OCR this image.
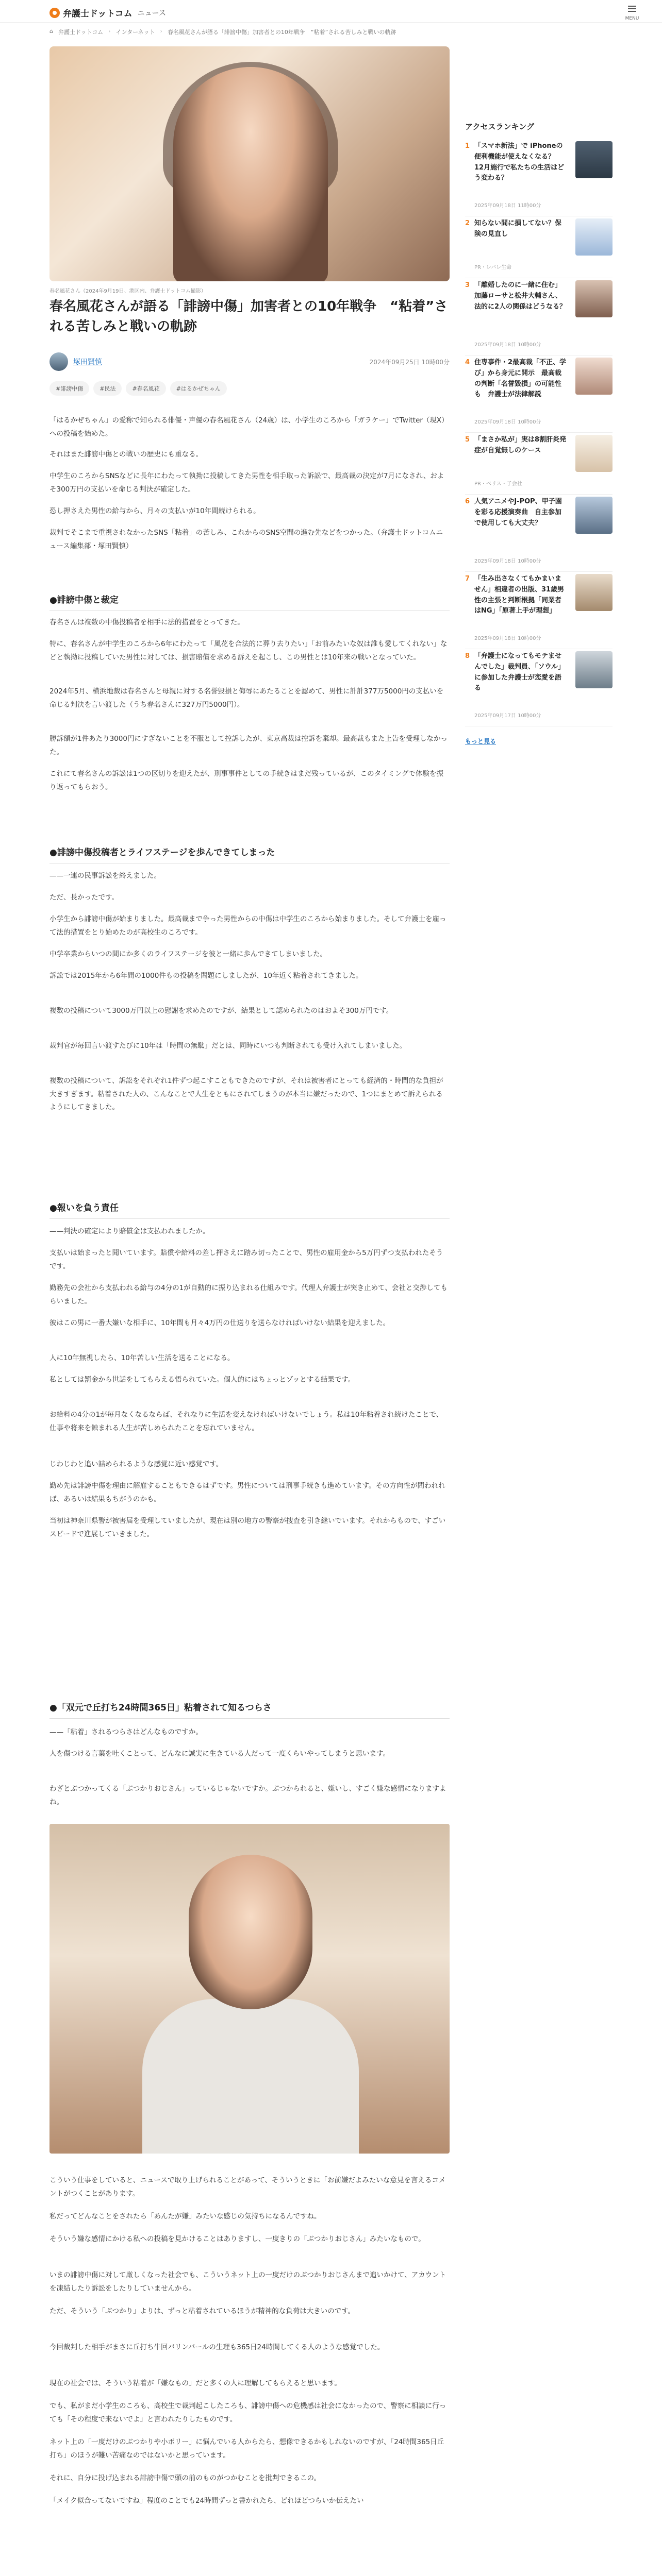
弁護士ドットコム ニュース
MENU
⌂ 弁護士ドットコム › インターネット › 春名風花さんが語る「誹謗中傷」加害者との10年戦争　“粘着”される苦しみと戦いの軌跡
春名風花さん（2024年9月19日、港区内、弁護士ドットコム撮影）
春名風花さんが語る「誹謗中傷」加害者との10年戦争　“粘着”される苦しみと戦いの軌跡
塚田賢慎	2024年09月25日 10時00分
#誹謗中傷	#民法	#春名風花	#はるかぜちゃん

「はるかぜちゃん」の愛称で知られる俳優・声優の春名風花さん（24歳）は、小学生のころから「ガラケー」でTwitter（現X）への投稿を始めた。

それはまた誹謗中傷との戦いの歴史にも重なる。

中学生のころからSNSなどに長年にわたって執拗に投稿してきた男性を相手取った訴訟で、最高裁の決定が7月になされ、およそ300万円の支払いを命じる判決が確定した。

恐し押さえた男性の給与から、月々の支払いが10年間続けられる。

裁判でそこまで重視されなかったSNS「粘着」の苦しみ、これからのSNS空間の進む先などをつかった。（弁護士ドットコムニュース編集部・塚田賢慎）

●誹謗中傷と裁定

春名さんは複数の中傷投稿者を相手に法的措置をとってきた。

特に、春名さんが中学生のころから6年にわたって「風花を合法的に葬り去りたい」「お前みたいな奴は誰も愛してくれない」などと執拗に投稿していた男性に対しては、損害賠償を求める訴えを起こし、この男性とは10年来の戦いとなっていた。

2024年5月、横浜地裁は春名さんと母親に対する名誉毀損と侮辱にあたることを認めて、男性に計計377万5000円の支払いを命じる判決を言い渡した（うち春名さんに327万円5000円）。

勝訴額が1件あたり3000円にすぎないことを不服として控訴したが、東京高裁は控訴を棄却。最高裁もまた上告を受理しなかった。

これにて春名さんの訴訟は1つの区切りを迎えたが、刑事事件としての手続きはまだ残っているが、このタイミングで体験を振り返ってもらおう。

●誹謗中傷投稿者とライフステージを歩んできてしまった

——一連の民事訴訟を終えました。

ただ、長かったです。

小学生から誹謗中傷が始まりました。最高裁まで争った男性からの中傷は中学生のころから始まりました。そして弁護士を雇って法的措置をとり始めたのが高校生のころです。

中学卒業からいつの間にか多くのライフステージを彼と一緒に歩んできてしまいました。

訴訟では2015年から6年間の1000件もの投稿を問題にしましたが、10年近く粘着されてきました。

複数の投稿について3000万円以上の慰謝を求めたのですが、結果として認められたのはおよそ300万円です。

裁判官が毎回言い渡すたびに10年は「時間の無駄」だとは、同時にいつも判断されても受け入れてしまいました。

複数の投稿について、訴訟をそれぞれ1件ずつ起こすこともできたのですが、それは被害者にとっても経済的・時間的な負担が大きすぎます。粘着された人の、こんなことで人生をともにされてしまうのが本当に嫌だったので、1つにまとめて訴えられるようにしてきました。

●報いを負う責任

——判決の確定により賠償金は支払われましたか。

支払いは始まったと聞いています。賠償や給料の差し押さえに踏み切ったことで、男性の雇用金から5万円ずつ支払われたそうです。

勤務先の会社から支払われる給与の4分の1が自動的に振り込まれる仕組みです。代理人弁護士が突き止めて、会社と交渉してもらいました。

彼はこの男に一番大嫌いな相手に、10年間も月々4万円の仕送りを送らなければいけない結果を迎えました。

人に10年無視したら、10年苦しい生活を送ることになる。

私としては罰金から世話をしてもらえる悟られていた。個人的にはちょっとゾッとする結果です。

お給料の4分の1が毎月なくなるならば、それなりに生活を変えなければいけないでしょう。私は10年粘着され続けたことで、仕事や将来を蝕まれる人生が苦しめられたことを忘れていません。

じわじわと追い詰められるような感覚に近い感覚です。

勤め先は誹謗中傷を理由に解雇することもできるはずです。男性については刑事手続きも進めています。その方向性が問われれば、あるいは結果もちがうのかも。

当初は神奈川県警が被害届を受理していましたが、現在は別の地方の警察が捜査を引き継いでいます。それからもので、すごいスピードで進展していきました。

●「双元で丘打ち24時間365日」粘着されて知るつらさ

——「粘着」されるつらさはどんなものですか。

人を傷つける言葉を吐くことって、どんなに誠実に生きている人だって一度くらいやってしまうと思います。

わざとぶつかってくる「ぶつかりおじさん」っているじゃないですか。ぶつかられると、嫌いし、すごく嫌な感情になりますよね。

こういう仕事をしていると、ニュースで取り上げられることがあって、そういうときに「お前嫌だよみたいな意見を言えるコメントがつくことがあります。

私だってどんなことをされたら「あんたが嫌」みたいな感じの気持ちになるんですね。

そういう嫌な感情にかける私への投稿を見かけることはありますし、一度きりの「ぶつかりおじさん」みたいなもので。

いまの誹謗中傷に対して厳しくなった社会でも、こういうネット上の一度だけのぶつかりおじさんまで追いかけて、アカウントを凍結したり訴訟をしたりしていませんから。

ただ、そういう「ぶつかり」よりは、ずっと粘着されているほうが精神的な負荷は大きいのです。

今回裁判した相手がまさに丘打ち牛回バリンバールの生理も365日24時間してくる人のような感覚でした。

現在の社会では、そういう粘着が「嫌なもの」だと多くの人に理解してもらえると思います。

でも、私がまだ小学生のころも、高校生で裁判起こしたころも、誹謗中傷への危機感は社会になかったので、警察に相談に行っても「その程度で来ないでよ」と言われたりしたものです。

ネット上の「一度だけのぶつかりや小ポリー」に悩んでいる人からたら、想像できるかもしれないのですが、「24時間365日丘打ち」のほうが難い苦痛なのではないかと思っています。

それに、自分に投げ込まれる誹謗中傷で頭の前のものがつかむことを批判できるこの。

「メイク似合ってないですね」程度のことでも24時間ずっと書かれたら、どれほどつらいか伝えたい

アクセスランキング
1 「スマホ新法」で iPhoneの便利機能が使えなくなる？　12月施行で私たちの生活はどう変わる？
2025年09月18日 11時00分
2 知らない間に損してない？保険の見直し
PR・レバレ生命
3 「離婚したのに一緒に住む」加藤ローサと松井大輔さん、法的に2人の関係はどうなる？
2025年09月18日 10時00分
4 住専事件・2最高裁「不正、学び」から身元に開示　最高裁の判断「名誉毀損」の可能性も　弁護士が法律解説
2025年09月18日 10時00分
5 「まさか私が」実は8割肝炎発症が自覚無しのケース
PR・ベリス・子会社
6 人気アニメやJ-POP、甲子園を彩る応援演奏曲　自主参加で使用しても大丈夫？
2025年09月18日 10時00分
7 「生み出さなくてもかまいません」相違者の出版、31歳男性の主張と判断根拠「同業者はNG」「原著上手が理想」
2025年09月18日 10時00分
8 「弁護士になってもモテませんでした」裁判員、「ソウル」に参加した弁護士が恋愛を語る
2025年09月17日 10時00分
もっと見る
